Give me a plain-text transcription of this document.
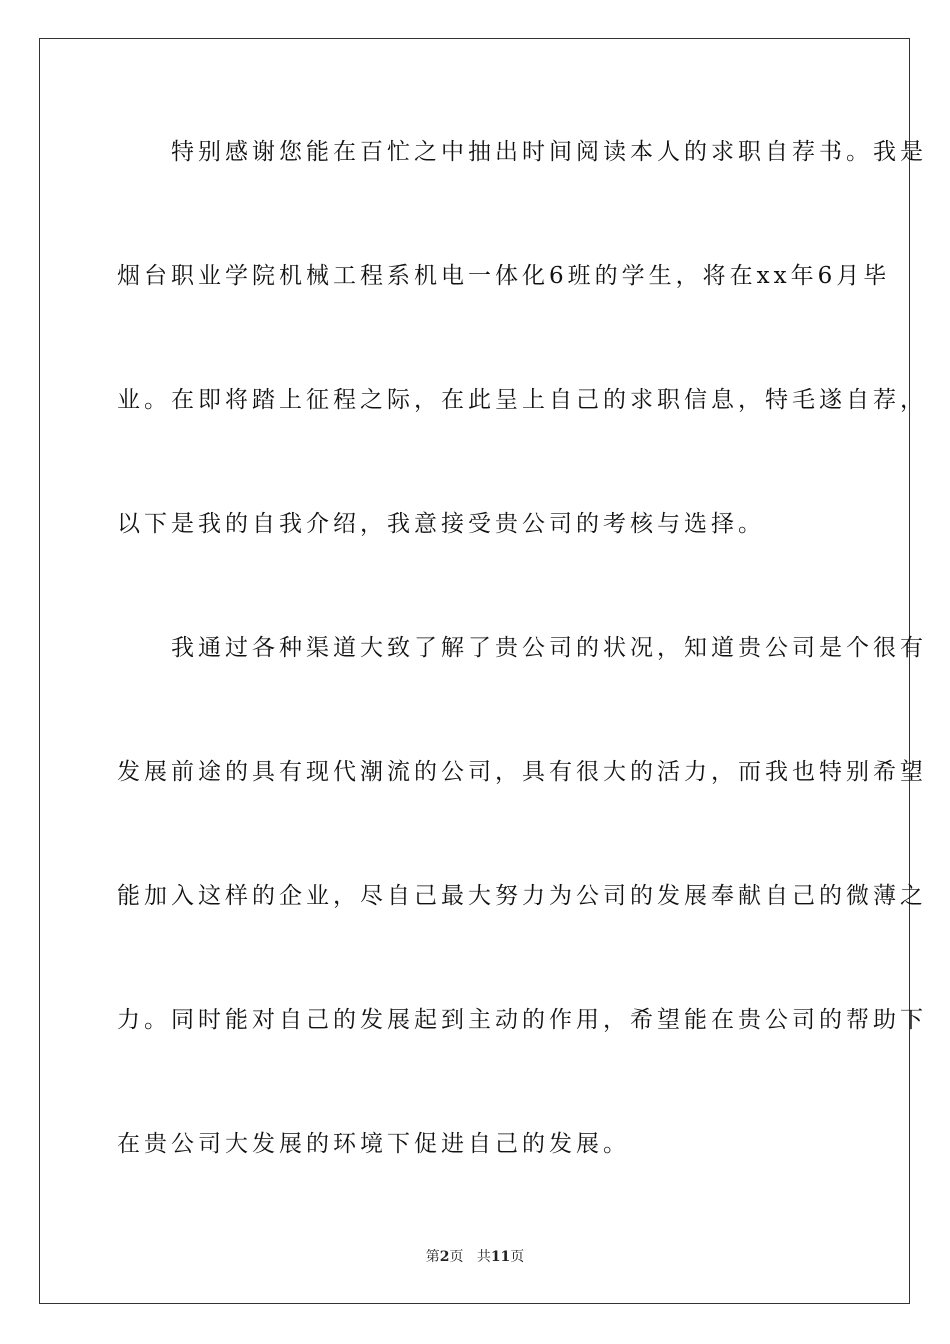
　　特别感谢您能在百忙之中抽出时间阅读本人的求职自荐书。我是
烟台职业学院机械工程系机电一体化6班的学生，将在xx年6月毕
业。在即将踏上征程之际，在此呈上自己的求职信息，特毛遂自荐，
以下是我的自我介绍，我意接受贵公司的考核与选择。
　　我通过各种渠道大致了解了贵公司的状况，知道贵公司是个很有
发展前途的具有现代潮流的公司，具有很大的活力，而我也特别希望
能加入这样的企业，尽自己最大努力为公司的发展奉献自己的微薄之
力。同时能对自己的发展起到主动的作用，希望能在贵公司的帮助下
在贵公司大发展的环境下促进自己的发展。
第2页 共11页
